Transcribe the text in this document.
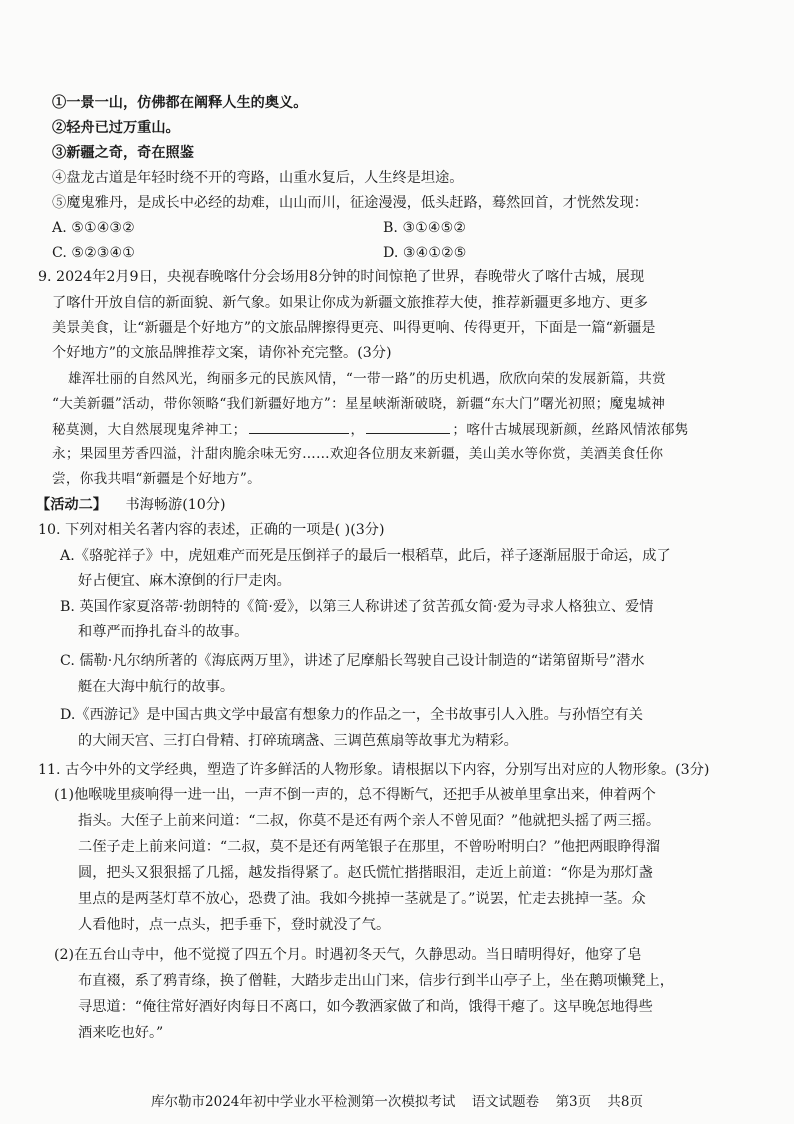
①一景一山，仿佛都在阐释人生的奥义。
②轻舟已过万重山。
③新疆之奇，奇在照鉴
④盘龙古道是年轻时绕不开的弯路，山重水复后，人生终是坦途。
⑤魔鬼雅丹，是成长中必经的劫难，山山而川，征途漫漫，低头赶路，蓦然回首，才恍然发现：
A. ⑤①④③②	B. ③①④⑤②
C. ⑤②③④①	D. ③④①②⑤
9. 2024年2月9日，央视春晚喀什分会场用8分钟的时间惊艳了世界，春晚带火了喀什古城，展现
了喀什开放自信的新面貌、新气象。如果让你成为新疆文旅推荐大使，推荐新疆更多地方、更多
美景美食，让“新疆是个好地方”的文旅品牌擦得更亮、叫得更响、传得更开，下面是一篇“新疆是
个好地方”的文旅品牌推荐文案，请你补充完整。(3分)
雄浑壮丽的自然风光，绚丽多元的民族风情，“一带一路”的历史机遇，欣欣向荣的发展新篇，共赏
“大美新疆”活动，带你领略“我们新疆好地方”：星星峡渐渐破晓，新疆“东大门”曙光初照；魔鬼城神
秘莫测，大自然展现鬼斧神工；	，	；喀什古城展现新颜，丝路风情浓郁隽
永；果园里芳香四溢，汁甜肉脆余味无穷……欢迎各位朋友来新疆，美山美水等你赏，美酒美食任你
尝，你我共唱“新疆是个好地方”。
【活动二】 书海畅游(10分)
10. 下列对相关名著内容的表述，正确的一项是( )(3分)
A.《骆驼祥子》中，虎妞难产而死是压倒祥子的最后一根稻草，此后，祥子逐渐屈服于命运，成了
好占便宜、麻木潦倒的行尸走肉。
B. 英国作家夏洛蒂·勃朗特的《简·爱》，以第三人称讲述了贫苦孤女简·爱为寻求人格独立、爱情
和尊严而挣扎奋斗的故事。
C. 儒勒·凡尔纳所著的《海底两万里》，讲述了尼摩船长驾驶自己设计制造的“诺第留斯号”潜水
艇在大海中航行的故事。
D.《西游记》是中国古典文学中最富有想象力的作品之一，全书故事引人入胜。与孙悟空有关
的大闹天宫、三打白骨精、打碎琉璃盏、三调芭蕉扇等故事尤为精彩。
11. 古今中外的文学经典，塑造了许多鲜活的人物形象。请根据以下内容，分别写出对应的人物形象。(3分)
(1)他喉咙里痰响得一进一出，一声不倒一声的，总不得断气，还把手从被单里拿出来，伸着两个
指头。大侄子上前来问道：“二叔，你莫不是还有两个亲人不曾见面？”他就把头摇了两三摇。
二侄子走上前来问道：“二叔，莫不是还有两笔银子在那里，不曾吩咐明白？”他把两眼睁得溜
圆，把头又狠狠摇了几摇，越发指得紧了。赵氏慌忙揩揩眼泪，走近上前道：“你是为那灯盏
里点的是两茎灯草不放心，恐费了油。我如今挑掉一茎就是了。”说罢，忙走去挑掉一茎。众
人看他时，点一点头，把手垂下，登时就没了气。
(2)在五台山寺中，他不觉搅了四五个月。时遇初冬天气，久静思动。当日晴明得好，他穿了皂
布直裰，系了鸦青绦，换了僧鞋，大踏步走出山门来，信步行到半山亭子上，坐在鹅项懒凳上，
寻思道：“俺往常好酒好肉每日不离口，如今教洒家做了和尚，饿得干瘪了。这早晚怎地得些
酒来吃也好。”
库尔勒市2024年初中学业水平检测第一次模拟考试 语文试题卷 第3页 共8页
